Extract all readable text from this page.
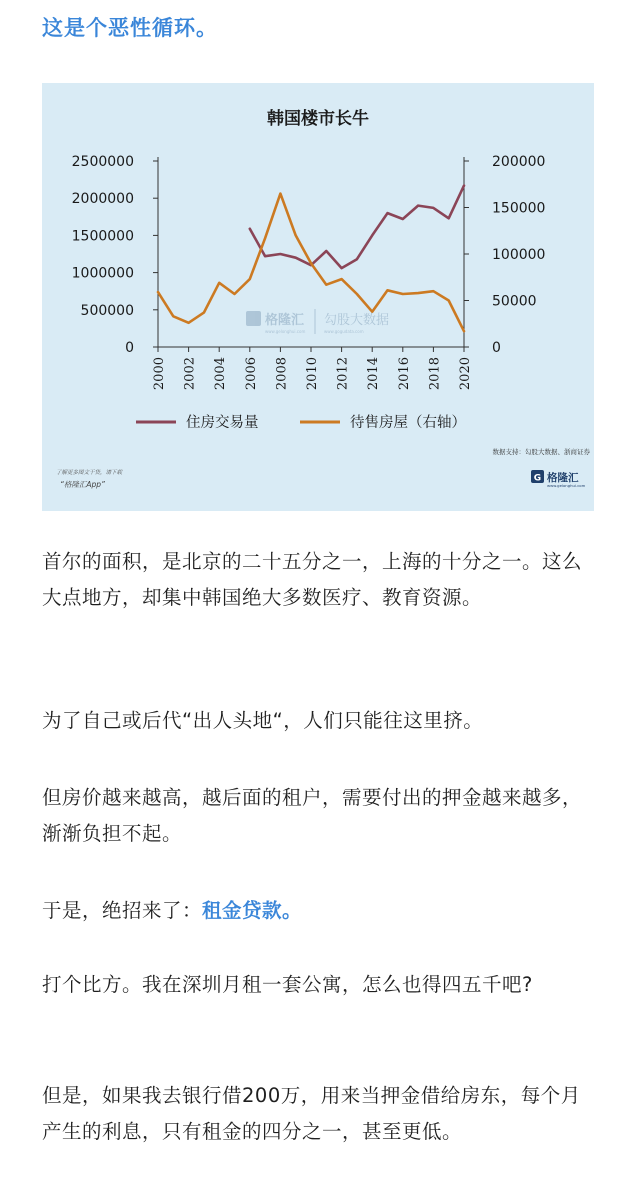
这是个恶性循环。
韩国楼市长牛
格隆汇
www.gelonghui.com
勾股大数据
www.gogudata.com
0
500000
1000000
1500000
2000000
2500000
0
50000
100000
150000
200000
2000 2002 2004 2006 2008 2010 2012 2014 2016 2018 2020
住房交易量	待售房屋（右轴）
数据支持：勾股大数据、浙商证券
了解更多图文干货，请下载
“格隆汇App”
G 格隆汇
www.gelonghui.com

首尔的面积，是北京的二十五分之一，上海的十分之一。这么大点地方，却集中韩国绝大多数医疗、教育资源。

为了自己或后代“出人头地“，人们只能往这里挤。

但房价越来越高，越后面的租户，需要付出的押金越来越多，渐渐负担不起。

于是，绝招来了：租金贷款。

打个比方。我在深圳月租一套公寓，怎么也得四五千吧?

但是，如果我去银行借200万，用来当押金借给房东，每个月产生的利息，只有租金的四分之一，甚至更低。
